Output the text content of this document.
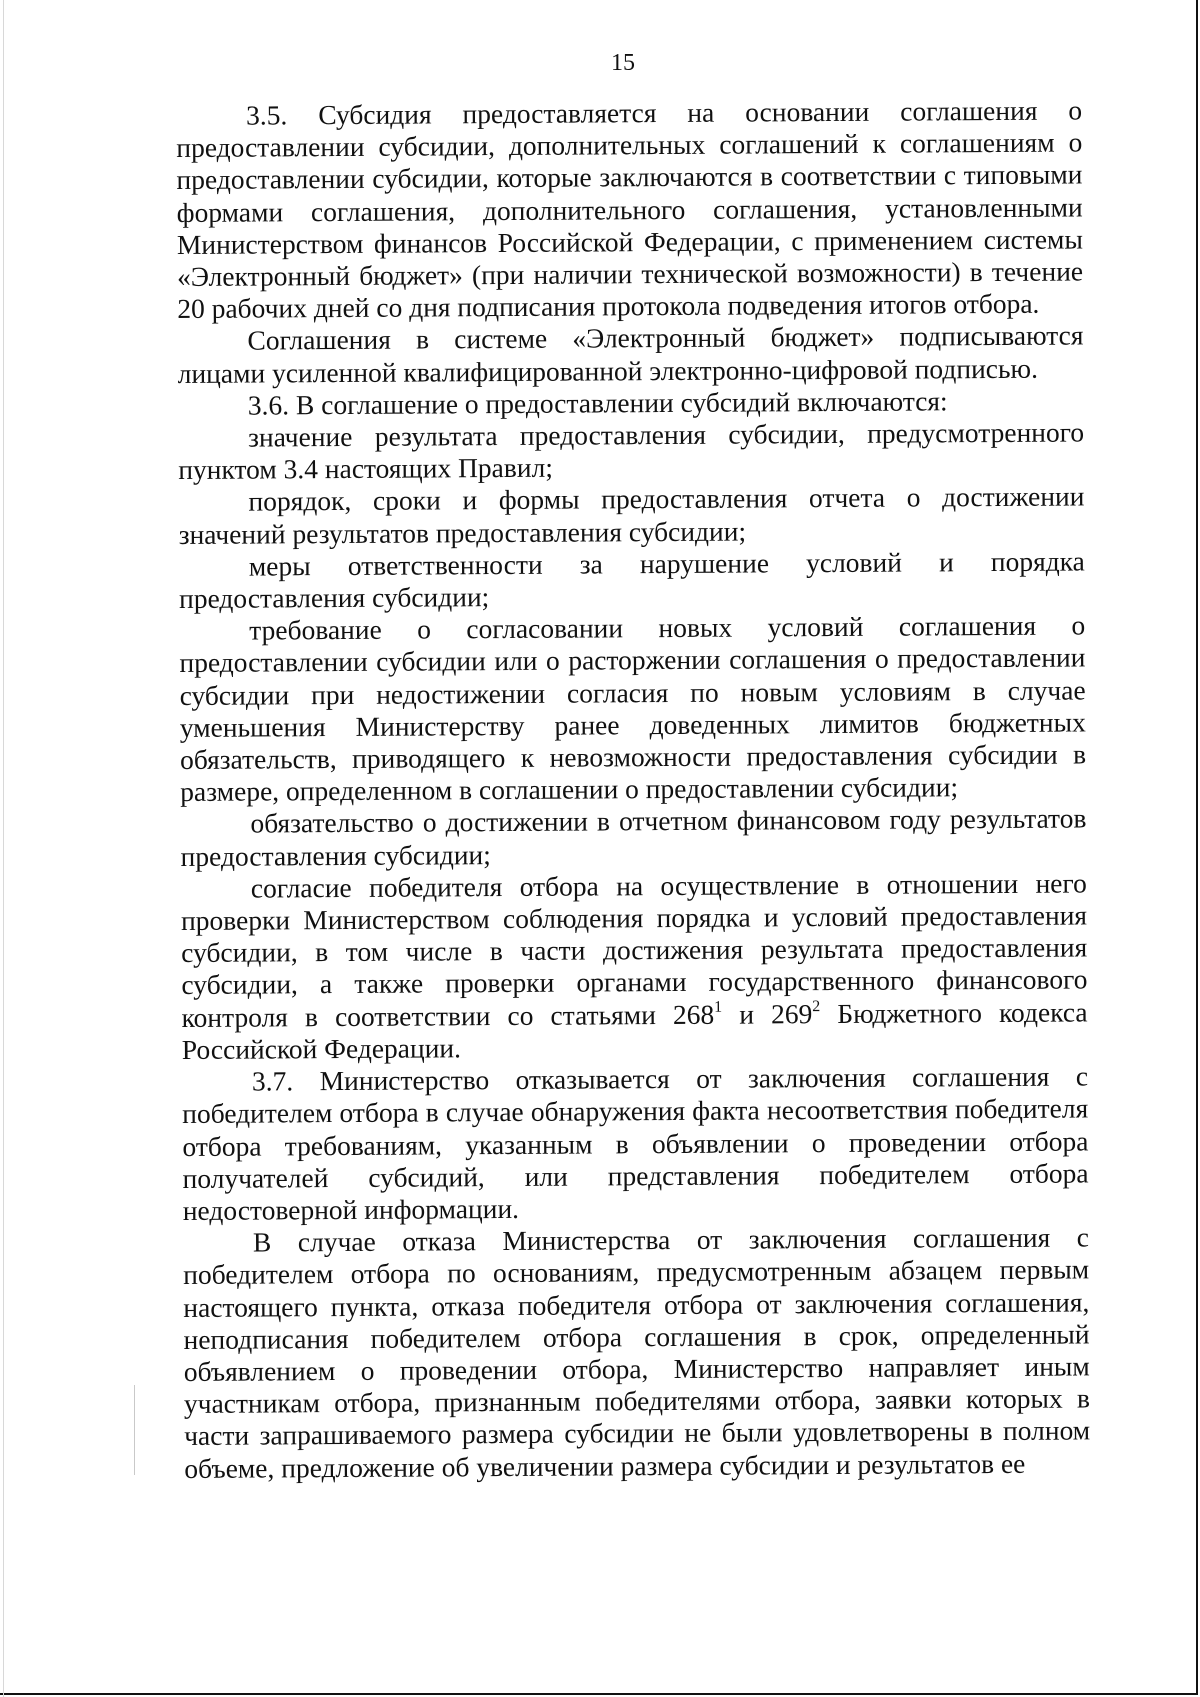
15

3.5. Субсидия предоставляется на основании соглашения о предоставлении субсидии, дополнительных соглашений к соглашениям о предоставлении субсидии, которые заключаются в соответствии с типовыми формами соглашения, дополнительного соглашения, установленными Министерством финансов Российской Федерации, с применением системы «Электронный бюджет» (при наличии технической возможности) в течение 20 рабочих дней со дня подписания протокола подведения итогов отбора.

Соглашения в системе «Электронный бюджет» подписываются лицами усиленной квалифицированной электронно-цифровой подписью.

3.6. В соглашение о предоставлении субсидий включаются:

значение результата предоставления субсидии, предусмотренного пунктом 3.4 настоящих Правил;

порядок, сроки и формы предоставления отчета о достижении значений результатов предоставления субсидии;

меры ответственности за нарушение условий и порядка предоставления субсидии;

требование о согласовании новых условий соглашения о предоставлении субсидии или о расторжении соглашения о предоставлении субсидии при недостижении согласия по новым условиям в случае уменьшения Министерству ранее доведенных лимитов бюджетных обязательств, приводящего к невозможности предоставления субсидии в размере, определенном в соглашении о предоставлении субсидии;

обязательство о достижении в отчетном финансовом году результатов предоставления субсидии;

согласие победителя отбора на осуществление в отношении него проверки Министерством соблюдения порядка и условий предоставления субсидии, в том числе в части достижения результата предоставления субсидии, а также проверки органами государственного финансового контроля в соответствии со статьями $268^1$ и $269^2$ Бюджетного кодекса Российской Федерации.

3.7. Министерство отказывается от заключения соглашения с победителем отбора в случае обнаружения факта несоответствия победителя отбора требованиям, указанным в объявлении о проведении отбора получателей субсидий, или представления победителем отбора недостоверной информации.

В случае отказа Министерства от заключения соглашения с победителем отбора по основаниям, предусмотренным абзацем первым настоящего пункта, отказа победителя отбора от заключения соглашения, неподписания победителем отбора соглашения в срок, определенный объявлением о проведении отбора, Министерство направляет иным участникам отбора, признанным победителями отбора, заявки которых в части запрашиваемого размера субсидии не были удовлетворены в полном объеме, предложение об увеличении размера субсидии и результатов ее
